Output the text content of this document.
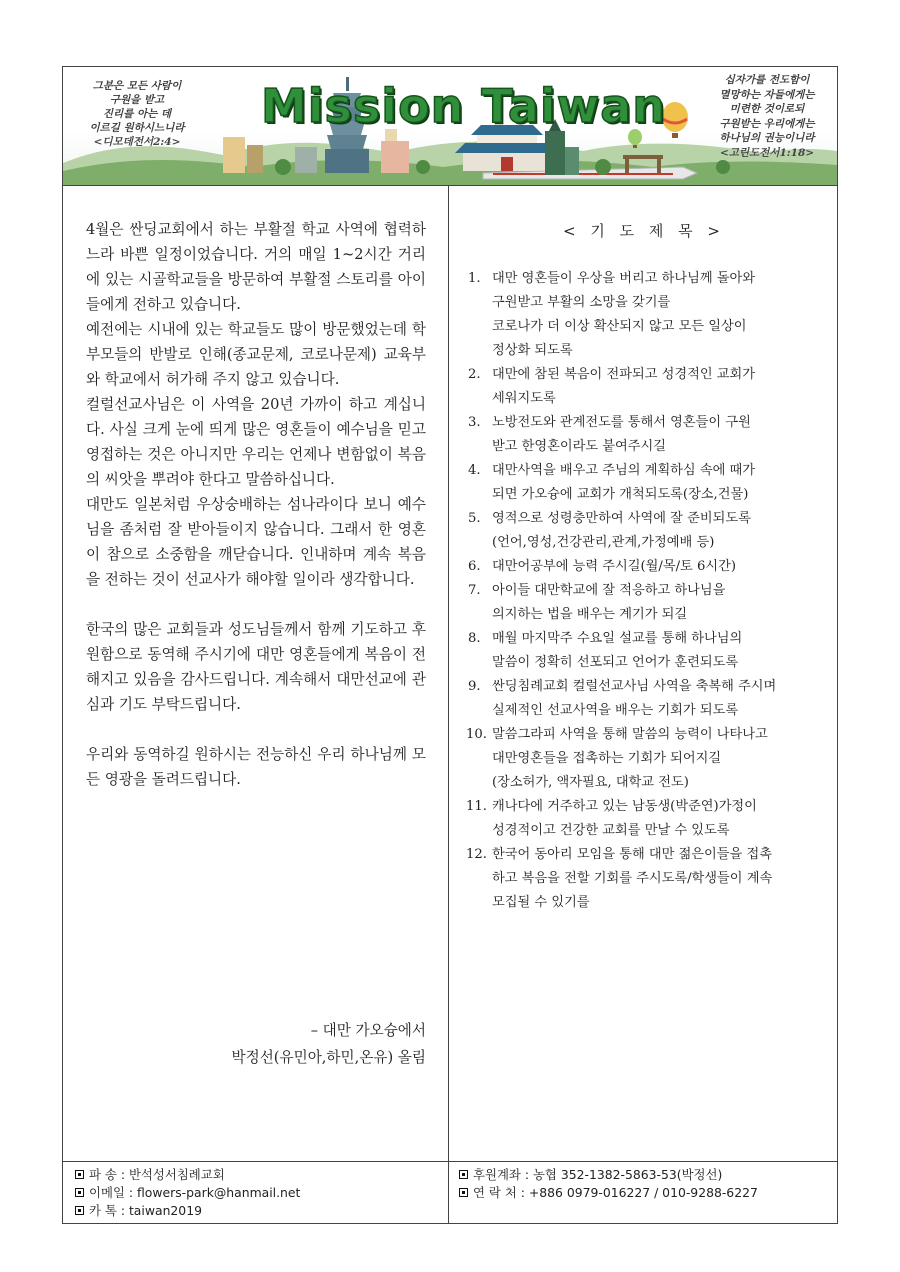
그분은 모든 사람이
구원을 받고
진리를 아는 데
이르길 원하시느니라
<디모데전서2:4>
Mission Taiwan	십자가를 전도함이
멸망하는 자들에게는
미련한 것이로되
구원받는 우리에게는
하나님의 권능이니라
<고린도전서1:18>

4월은 싼딩교회에서 하는 부활절 학교 사역에 협력하느라 바쁜 일정이었습니다. 거의 매일 1~2시간 거리에 있는 시골학교들을 방문하여 부활절 스토리를 아이들에게 전하고 있습니다.

예전에는 시내에 있는 학교들도 많이 방문했었는데 학부모들의 반발로 인해(종교문제, 코로나문제) 교육부와 학교에서 허가해 주지 않고 있습니다.

컬럴선교사님은 이 사역을 20년 가까이 하고 계십니다. 사실 크게 눈에 띄게 많은 영혼들이 예수님을 믿고 영접하는 것은 아니지만 우리는 언제나 변함없이 복음의 씨앗을 뿌려야 한다고 말씀하십니다.

대만도 일본처럼 우상숭배하는 섬나라이다 보니 예수님을 좀처럼 잘 받아들이지 않습니다. 그래서 한 영혼이 참으로 소중함을 깨닫습니다. 인내하며 계속 복음을 전하는 것이 선교사가 해야할 일이라 생각합니다.

한국의 많은 교회들과 성도님들께서 함께 기도하고 후원함으로 동역해 주시기에 대만 영혼들에게 복음이 전해지고 있음을 감사드립니다. 계속해서 대만선교에 관심과 기도 부탁드립니다.

우리와 동역하길 원하시는 전능하신 우리 하나님께 모든 영광을 돌려드립니다.

– 대만 가오슝에서
박정선(유민아,하민,온유) 올림
< 기 도 제 목 >
1. 대만 영혼들이 우상을 버리고 하나님께 돌아와
구원받고 부활의 소망을 갖기를
코로나가 더 이상 확산되지 않고 모든 일상이
정상화 되도록
2. 대만에 참된 복음이 전파되고 성경적인 교회가
세워지도록
3. 노방전도와 관계전도를 통해서 영혼들이 구원
받고 한영혼이라도 붙여주시길
4. 대만사역을 배우고 주님의 계획하심 속에 때가
되면 가오슝에 교회가 개척되도록(장소,건물)
5. 영적으로 성령충만하여 사역에 잘 준비되도록
(언어,영성,건강관리,관계,가정예배 등)
6. 대만어공부에 능력 주시길(월/목/토 6시간)
7. 아이들 대만학교에 잘 적응하고 하나님을
의지하는 법을 배우는 계기가 되길
8. 매월 마지막주 수요일 설교를 통해 하나님의
말씀이 정확히 선포되고 언어가 훈련되도록
9. 싼딩침례교회 컬럴선교사님 사역을 축복해 주시며
실제적인 선교사역을 배우는 기회가 되도록
10. 말씀그라피 사역을 통해 말씀의 능력이 나타나고
대만영혼들을 접촉하는 기회가 되어지길
(장소허가, 액자필요, 대학교 전도)
11. 캐나다에 거주하고 있는 남동생(박준연)가정이
성경적이고 건강한 교회를 만날 수 있도록
12. 한국어 동아리 모임을 통해 대만 젊은이들을 접촉
하고 복음을 전할 기회를 주시도록/학생들이 계속
모집될 수 있기를
파 송 : 반석성서침례교회
이메일 : flowers-park@hanmail.net
카 톡 : taiwan2019
후원계좌 : 농협 352-1382-5863-53(박정선)
연 락 처 : +886 0979-016227 / 010-9288-6227
